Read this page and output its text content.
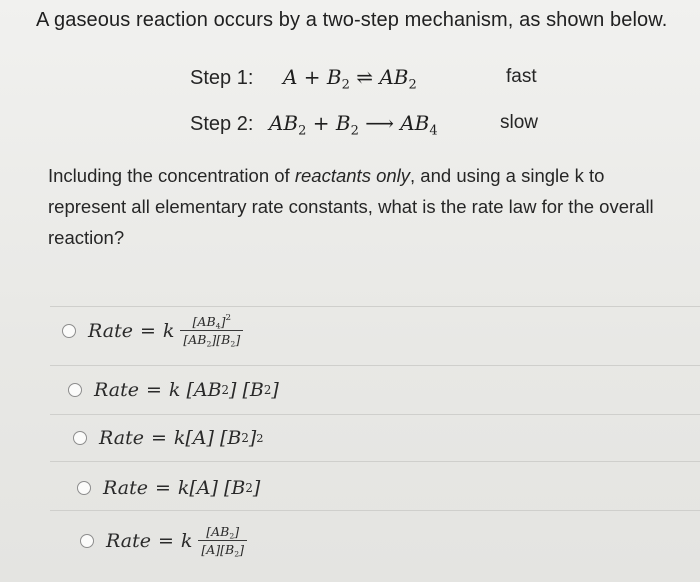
A gaseous reaction occurs by a two-step mechanism, as shown below.
Step 1: $A + B_2$ ⇌ $AB_2$	fast
Step 2: $AB_2 + B_2$ ⟶ $AB_4$	slow
Including the concentration of reactants only, and using a single k to represent all elementary rate constants, what is the rate law for the overall reaction?
Rate = k $\frac{[AB_4]^2}{[AB_2][B_2]}$
Rate = k
[AB 2 ]
[B 2 ]
Rate = k [A]
[B 2 ] 2
Rate = k [A]
[B 2 ]
Rate = k $\frac{[AB_2]}{[A][B_2]}$
